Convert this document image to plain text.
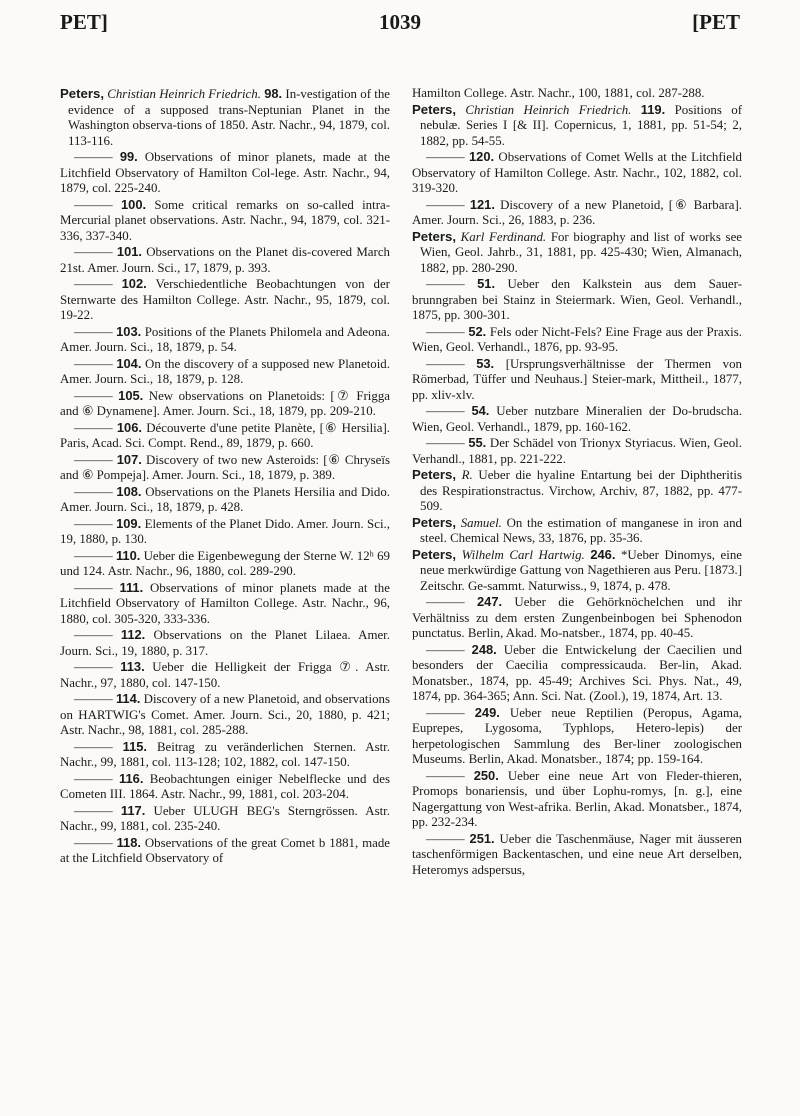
PET]	1039	[PET

Peters, Christian Heinrich Friedrich. 98. In-vestigation of the evidence of a supposed trans-Neptunian Planet in the Washington observa-tions of 1850. Astr. Nachr., 94, 1879, col. 113-116.

——— 99. Observations of minor planets, made at the Litchfield Observatory of Hamilton Col-lege. Astr. Nachr., 94, 1879, col. 225-240.

——— 100. Some critical remarks on so-called intra-Mercurial planet observations. Astr. Nachr., 94, 1879, col. 321-336, 337-340.

——— 101. Observations on the Planet dis-covered March 21st. Amer. Journ. Sci., 17, 1879, p. 393.

——— 102. Verschiedentliche Beobachtungen von der Sternwarte des Hamilton College. Astr. Nachr., 95, 1879, col. 19-22.

——— 103. Positions of the Planets Philomela and Adeona. Amer. Journ. Sci., 18, 1879, p. 54.

——— 104. On the discovery of a supposed new Planetoid. Amer. Journ. Sci., 18, 1879, p. 128.

——— 105. New observations on Planetoids: [⑦ Frigga and ⑥ Dynamene]. Amer. Journ. Sci., 18, 1879, pp. 209-210.

——— 106. Découverte d'une petite Planète, [⑥ Hersilia]. Paris, Acad. Sci. Compt. Rend., 89, 1879, p. 660.

——— 107. Discovery of two new Asteroids: [⑥ Chryseïs and ⑥ Pompeja]. Amer. Journ. Sci., 18, 1879, p. 389.

——— 108. Observations on the Planets Hersilia and Dido. Amer. Journ. Sci., 18, 1879, p. 428.

——— 109. Elements of the Planet Dido. Amer. Journ. Sci., 19, 1880, p. 130.

——— 110. Ueber die Eigenbewegung der Sterne W. 12ʰ 69 und 124. Astr. Nachr., 96, 1880, col. 289-290.

——— 111. Observations of minor planets made at the Litchfield Observatory of Hamilton College. Astr. Nachr., 96, 1880, col. 305-320, 333-336.

——— 112. Observations on the Planet Lilaea. Amer. Journ. Sci., 19, 1880, p. 317.

——— 113. Ueber die Helligkeit der Frigga ⑦. Astr. Nachr., 97, 1880, col. 147-150.

——— 114. Discovery of a new Planetoid, and observations on HARTWIG's Comet. Amer. Journ. Sci., 20, 1880, p. 421; Astr. Nachr., 98, 1881, col. 285-288.

——— 115. Beitrag zu veränderlichen Sternen. Astr. Nachr., 99, 1881, col. 113-128; 102, 1882, col. 147-150.

——— 116. Beobachtungen einiger Nebelflecke und des Cometen III. 1864. Astr. Nachr., 99, 1881, col. 203-204.

——— 117. Ueber ULUGH BEG's Sterngrössen. Astr. Nachr., 99, 1881, col. 235-240.

——— 118. Observations of the great Comet b 1881, made at the Litchfield Observatory of

Hamilton College. Astr. Nachr., 100, 1881, col. 287-288.

Peters, Christian Heinrich Friedrich. 119. Positions of nebulæ. Series I [& II]. Copernicus, 1, 1881, pp. 51-54; 2, 1882, pp. 54-55.

——— 120. Observations of Comet Wells at the Litchfield Observatory of Hamilton College. Astr. Nachr., 102, 1882, col. 319-320.

——— 121. Discovery of a new Planetoid, [⑥ Barbara]. Amer. Journ. Sci., 26, 1883, p. 236.

Peters, Karl Ferdinand. For biography and list of works see Wien, Geol. Jahrb., 31, 1881, pp. 425-430; Wien, Almanach, 1882, pp. 280-290.

——— 51. Ueber den Kalkstein aus dem Sauer-brunngraben bei Stainz in Steiermark. Wien, Geol. Verhandl., 1875, pp. 300-301.

——— 52. Fels oder Nicht-Fels? Eine Frage aus der Praxis. Wien, Geol. Verhandl., 1876, pp. 93-95.

——— 53. [Ursprungsverhältnisse der Thermen von Römerbad, Tüffer und Neuhaus.] Steier-mark, Mittheil., 1877, pp. xliv-xlv.

——— 54. Ueber nutzbare Mineralien der Do-brudscha. Wien, Geol. Verhandl., 1879, pp. 160-162.

——— 55. Der Schädel von Trionyx Styriacus. Wien, Geol. Verhandl., 1881, pp. 221-222.

Peters, R. Ueber die hyaline Entartung bei der Diphtheritis des Respirationstractus. Virchow, Archiv, 87, 1882, pp. 477-509.

Peters, Samuel. On the estimation of manganese in iron and steel. Chemical News, 33, 1876, pp. 35-36.

Peters, Wilhelm Carl Hartwig. 246. *Ueber Dinomys, eine neue merkwürdige Gattung von Nagethieren aus Peru. [1873.] Zeitschr. Ge-sammt. Naturwiss., 9, 1874, p. 478.

——— 247. Ueber die Gehörknöchelchen und ihr Verhältniss zu dem ersten Zungenbeinbogen bei Sphenodon punctatus. Berlin, Akad. Mo-natsber., 1874, pp. 40-45.

——— 248. Ueber die Entwickelung der Caecilien und besonders der Caecilia compressicauda. Ber-lin, Akad. Monatsber., 1874, pp. 45-49; Archives Sci. Phys. Nat., 49, 1874, pp. 364-365; Ann. Sci. Nat. (Zool.), 19, 1874, Art. 13.

——— 249. Ueber neue Reptilien (Peropus, Agama, Euprepes, Lygosoma, Typhlops, Hetero-lepis) der herpetologischen Sammlung des Ber-liner zoologischen Museums. Berlin, Akad. Monatsber., 1874; pp. 159-164.

——— 250. Ueber eine neue Art von Fleder-thieren, Promops bonariensis, und über Lophu-romys, [n. g.], eine Nagergattung von West-afrika. Berlin, Akad. Monatsber., 1874, pp. 232-234.

——— 251. Ueber die Taschenmäuse, Nager mit äusseren taschenförmigen Backentaschen, und eine neue Art derselben, Heteromys adspersus,
